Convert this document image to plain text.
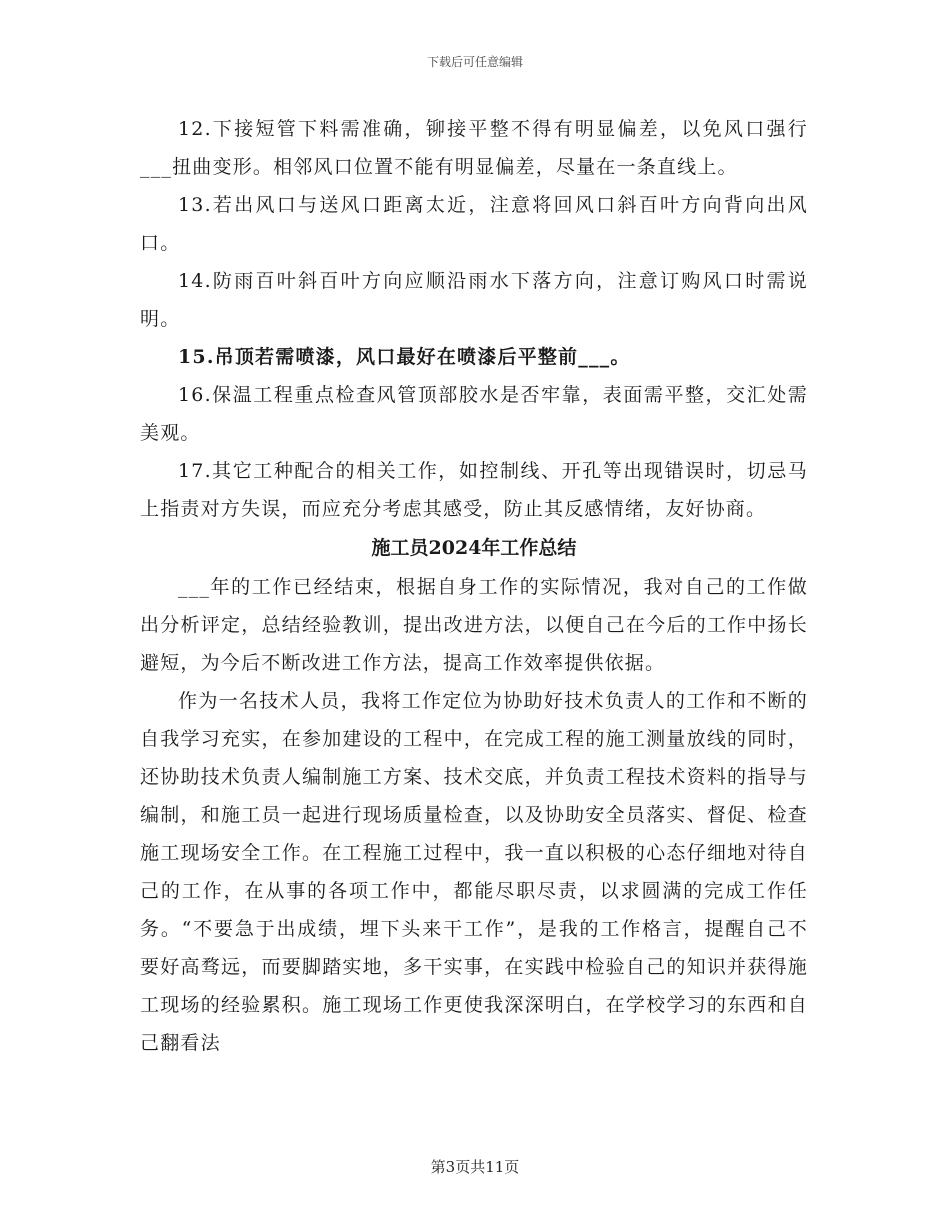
下载后可任意编辑

12.下接短管下料需准确，铆接平整不得有明显偏差，以免风口强行___扭曲变形。相邻风口位置不能有明显偏差，尽量在一条直线上。

13.若出风口与送风口距离太近，注意将回风口斜百叶方向背向出风口。

14.防雨百叶斜百叶方向应顺沿雨水下落方向，注意订购风口时需说明。

15.吊顶若需喷漆，风口最好在喷漆后平整前___。

16.保温工程重点检查风管顶部胶水是否牢靠，表面需平整，交汇处需美观。

17.其它工种配合的相关工作，如控制线、开孔等出现错误时，切忌马上指责对方失误，而应充分考虑其感受，防止其反感情绪，友好协商。

施工员2024年工作总结

___年的工作已经结束，根据自身工作的实际情况，我对自己的工作做出分析评定，总结经验教训，提出改进方法，以便自己在今后的工作中扬长避短，为今后不断改进工作方法，提高工作效率提供依据。

作为一名技术人员，我将工作定位为协助好技术负责人的工作和不断的自我学习充实，在参加建设的工程中，在完成工程的施工测量放线的同时，还协助技术负责人编制施工方案、技术交底，并负责工程技术资料的指导与编制，和施工员一起进行现场质量检查，以及协助安全员落实、督促、检查施工现场安全工作。在工程施工过程中，我一直以积极的心态仔细地对待自己的工作，在从事的各项工作中，都能尽职尽责，以求圆满的完成工作任务。“不要急于出成绩，埋下头来干工作”，是我的工作格言，提醒自己不要好高骛远，而要脚踏实地，多干实事，在实践中检验自己的知识并获得施工现场的经验累积。施工现场工作更使我深深明白，在学校学习的东西和自己翻看法

第3页共11页
